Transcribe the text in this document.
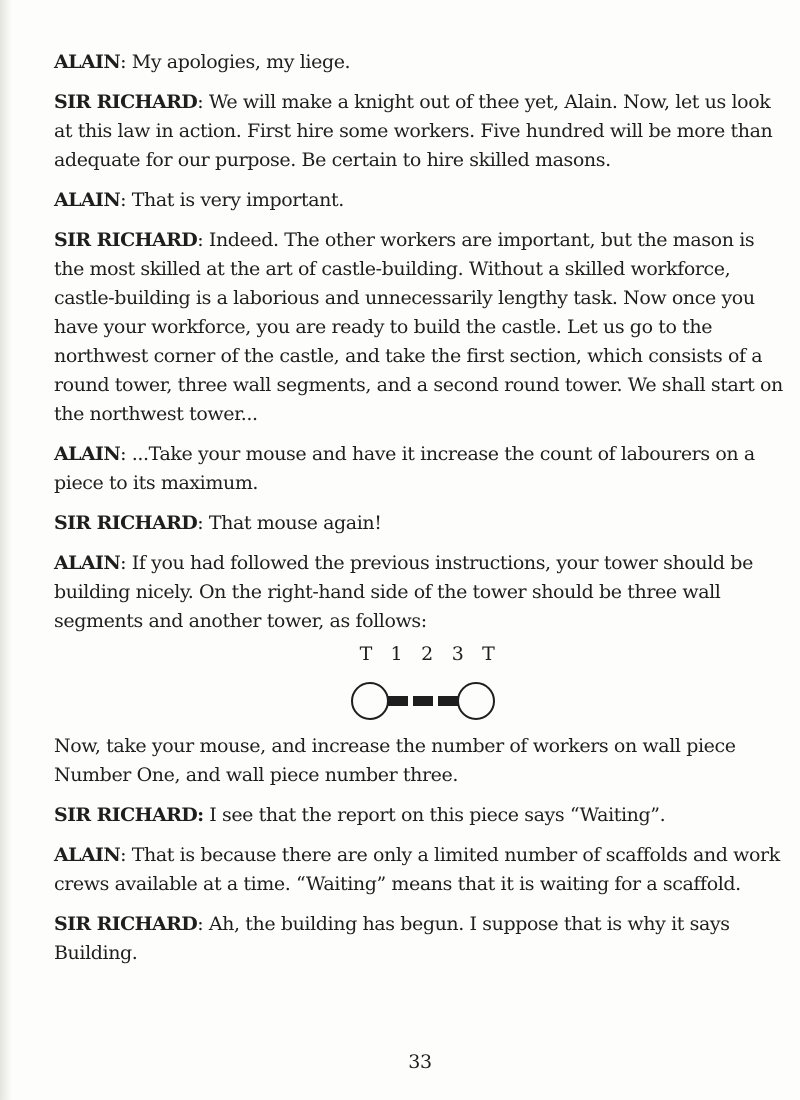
ALAIN: My apologies, my liege.

SIR RICHARD: We will make a knight out of thee yet, Alain. Now, let us look at this law in action. First hire some workers. Five hundred will be more than adequate for our purpose. Be certain to hire skilled masons.

ALAIN: That is very important.

SIR RICHARD: Indeed. The other workers are important, but the mason is the most skilled at the art of castle-building. Without a skilled workforce, castle-building is a laborious and unnecessarily lengthy task. Now once you have your workforce, you are ready to build the castle. Let us go to the northwest corner of the castle, and take the first section, which consists of a round tower, three wall segments, and a second round tower. We shall start on the northwest tower...

ALAIN: ...Take your mouse and have it increase the count of labourers on a piece to its maximum.

SIR RICHARD: That mouse again!

ALAIN: If you had followed the previous instructions, your tower should be building nicely. On the right-hand side of the tower should be three wall segments and another tower, as follows:

T 1 2 3 T

Now, take your mouse, and increase the number of workers on wall piece Number One, and wall piece number three.

SIR RICHARD: I see that the report on this piece says “Waiting”.

ALAIN: That is because there are only a limited number of scaffolds and work crews available at a time. “Waiting” means that it is waiting for a scaffold.

SIR RICHARD: Ah, the building has begun. I suppose that is why it says Building.

33
